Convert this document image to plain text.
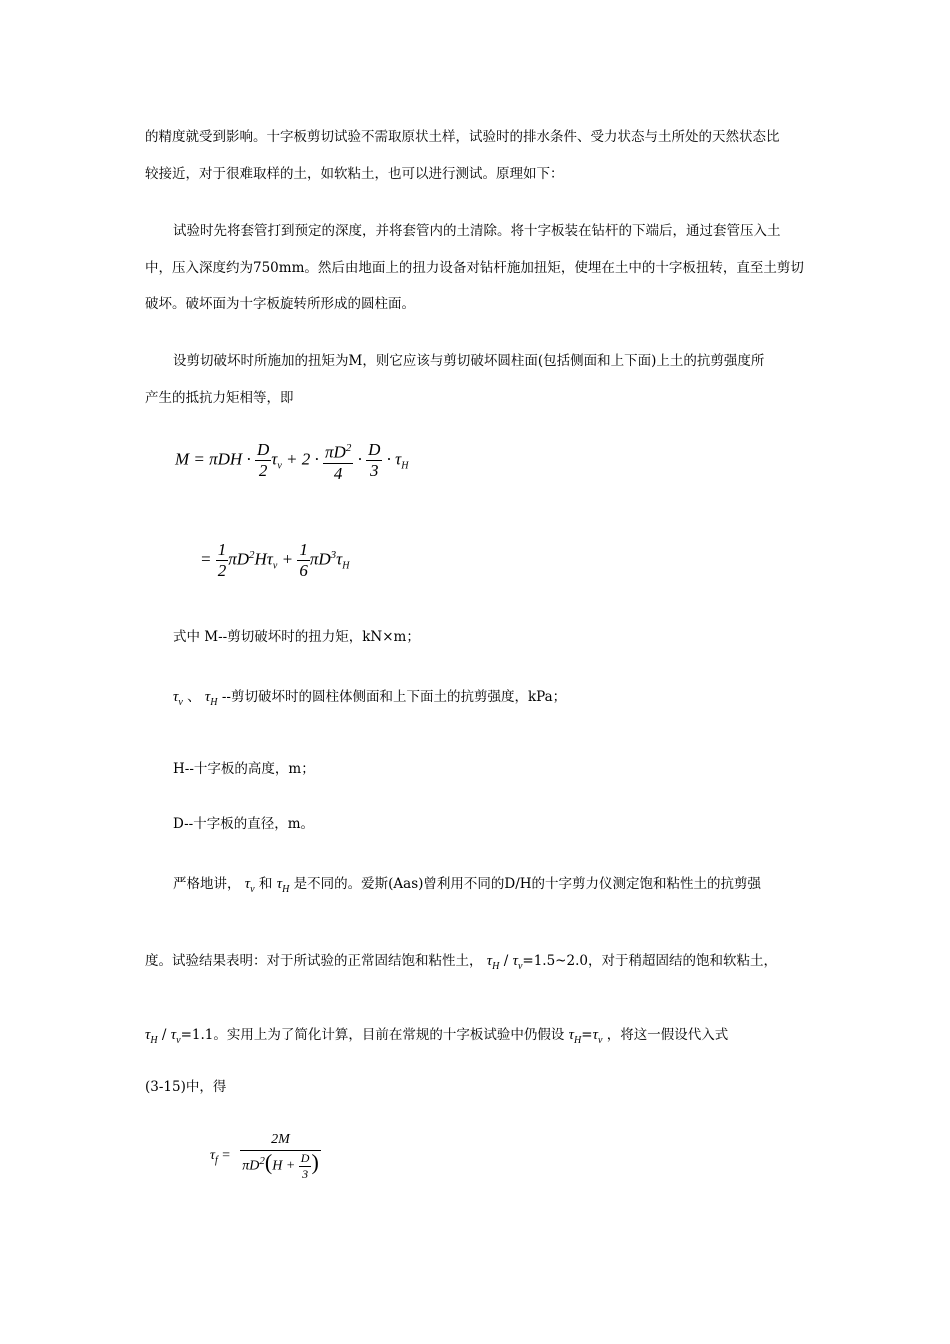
的精度就受到影响。十字板剪切试验不需取原状土样，试验时的排水条件、受力状态与土所处的天然状态比
较接近，对于很难取样的土，如软粘土，也可以进行测试。原理如下：
试验时先将套管打到预定的深度，并将套管内的土清除。将十字板装在钻杆的下端后，通过套管压入土
中，压入深度约为750mm。然后由地面上的扭力设备对钻杆施加扭矩，使埋在土中的十字板扭转，直至土剪切
破坏。破坏面为十字板旋转所形成的圆柱面。
设剪切破坏时所施加的扭矩为M，则它应该与剪切破坏圆柱面(包括侧面和上下面)上土的抗剪强度所
产生的抵抗力矩相等，即
$M = \pi DH \cdot \frac{D}{2} \tau_v + 2 \cdot \frac{\pi D^2}{4} \cdot \frac{D}{3} \cdot \tau_H$
= $\frac{1}{2} \pi D^2H\tau_v + \frac{1}{6} \pi D^3\tau_H$
式中 M--剪切破坏时的扭力矩，kN×m；
$\tau_v$ 、 $\tau_H$ --剪切破坏时的圆柱体侧面和上下面土的抗剪强度，kPa；
H--十字板的高度，m；
D--十字板的直径，m。
严格地讲， $\tau_v$ 和 $\tau_H$ 是不同的。爱斯(Aas)曾利用不同的D/H的十字剪力仪测定饱和粘性土的抗剪强
度。试验结果表明：对于所试验的正常固结饱和粘性土， $\tau_H$ / $\tau_v=1.5\sim 2.0$，对于稍超固结的饱和软粘土，
$\tau_H / \tau_v=1.1$。实用上为了简化计算，目前在常规的十字板试验中仍假设 $\tau_H=\tau_v$ ，将这一假设代入式
(3-15)中，得
$\tau_f = \frac{2M}{\pi D^2(H + \frac{D}{3} )}$
